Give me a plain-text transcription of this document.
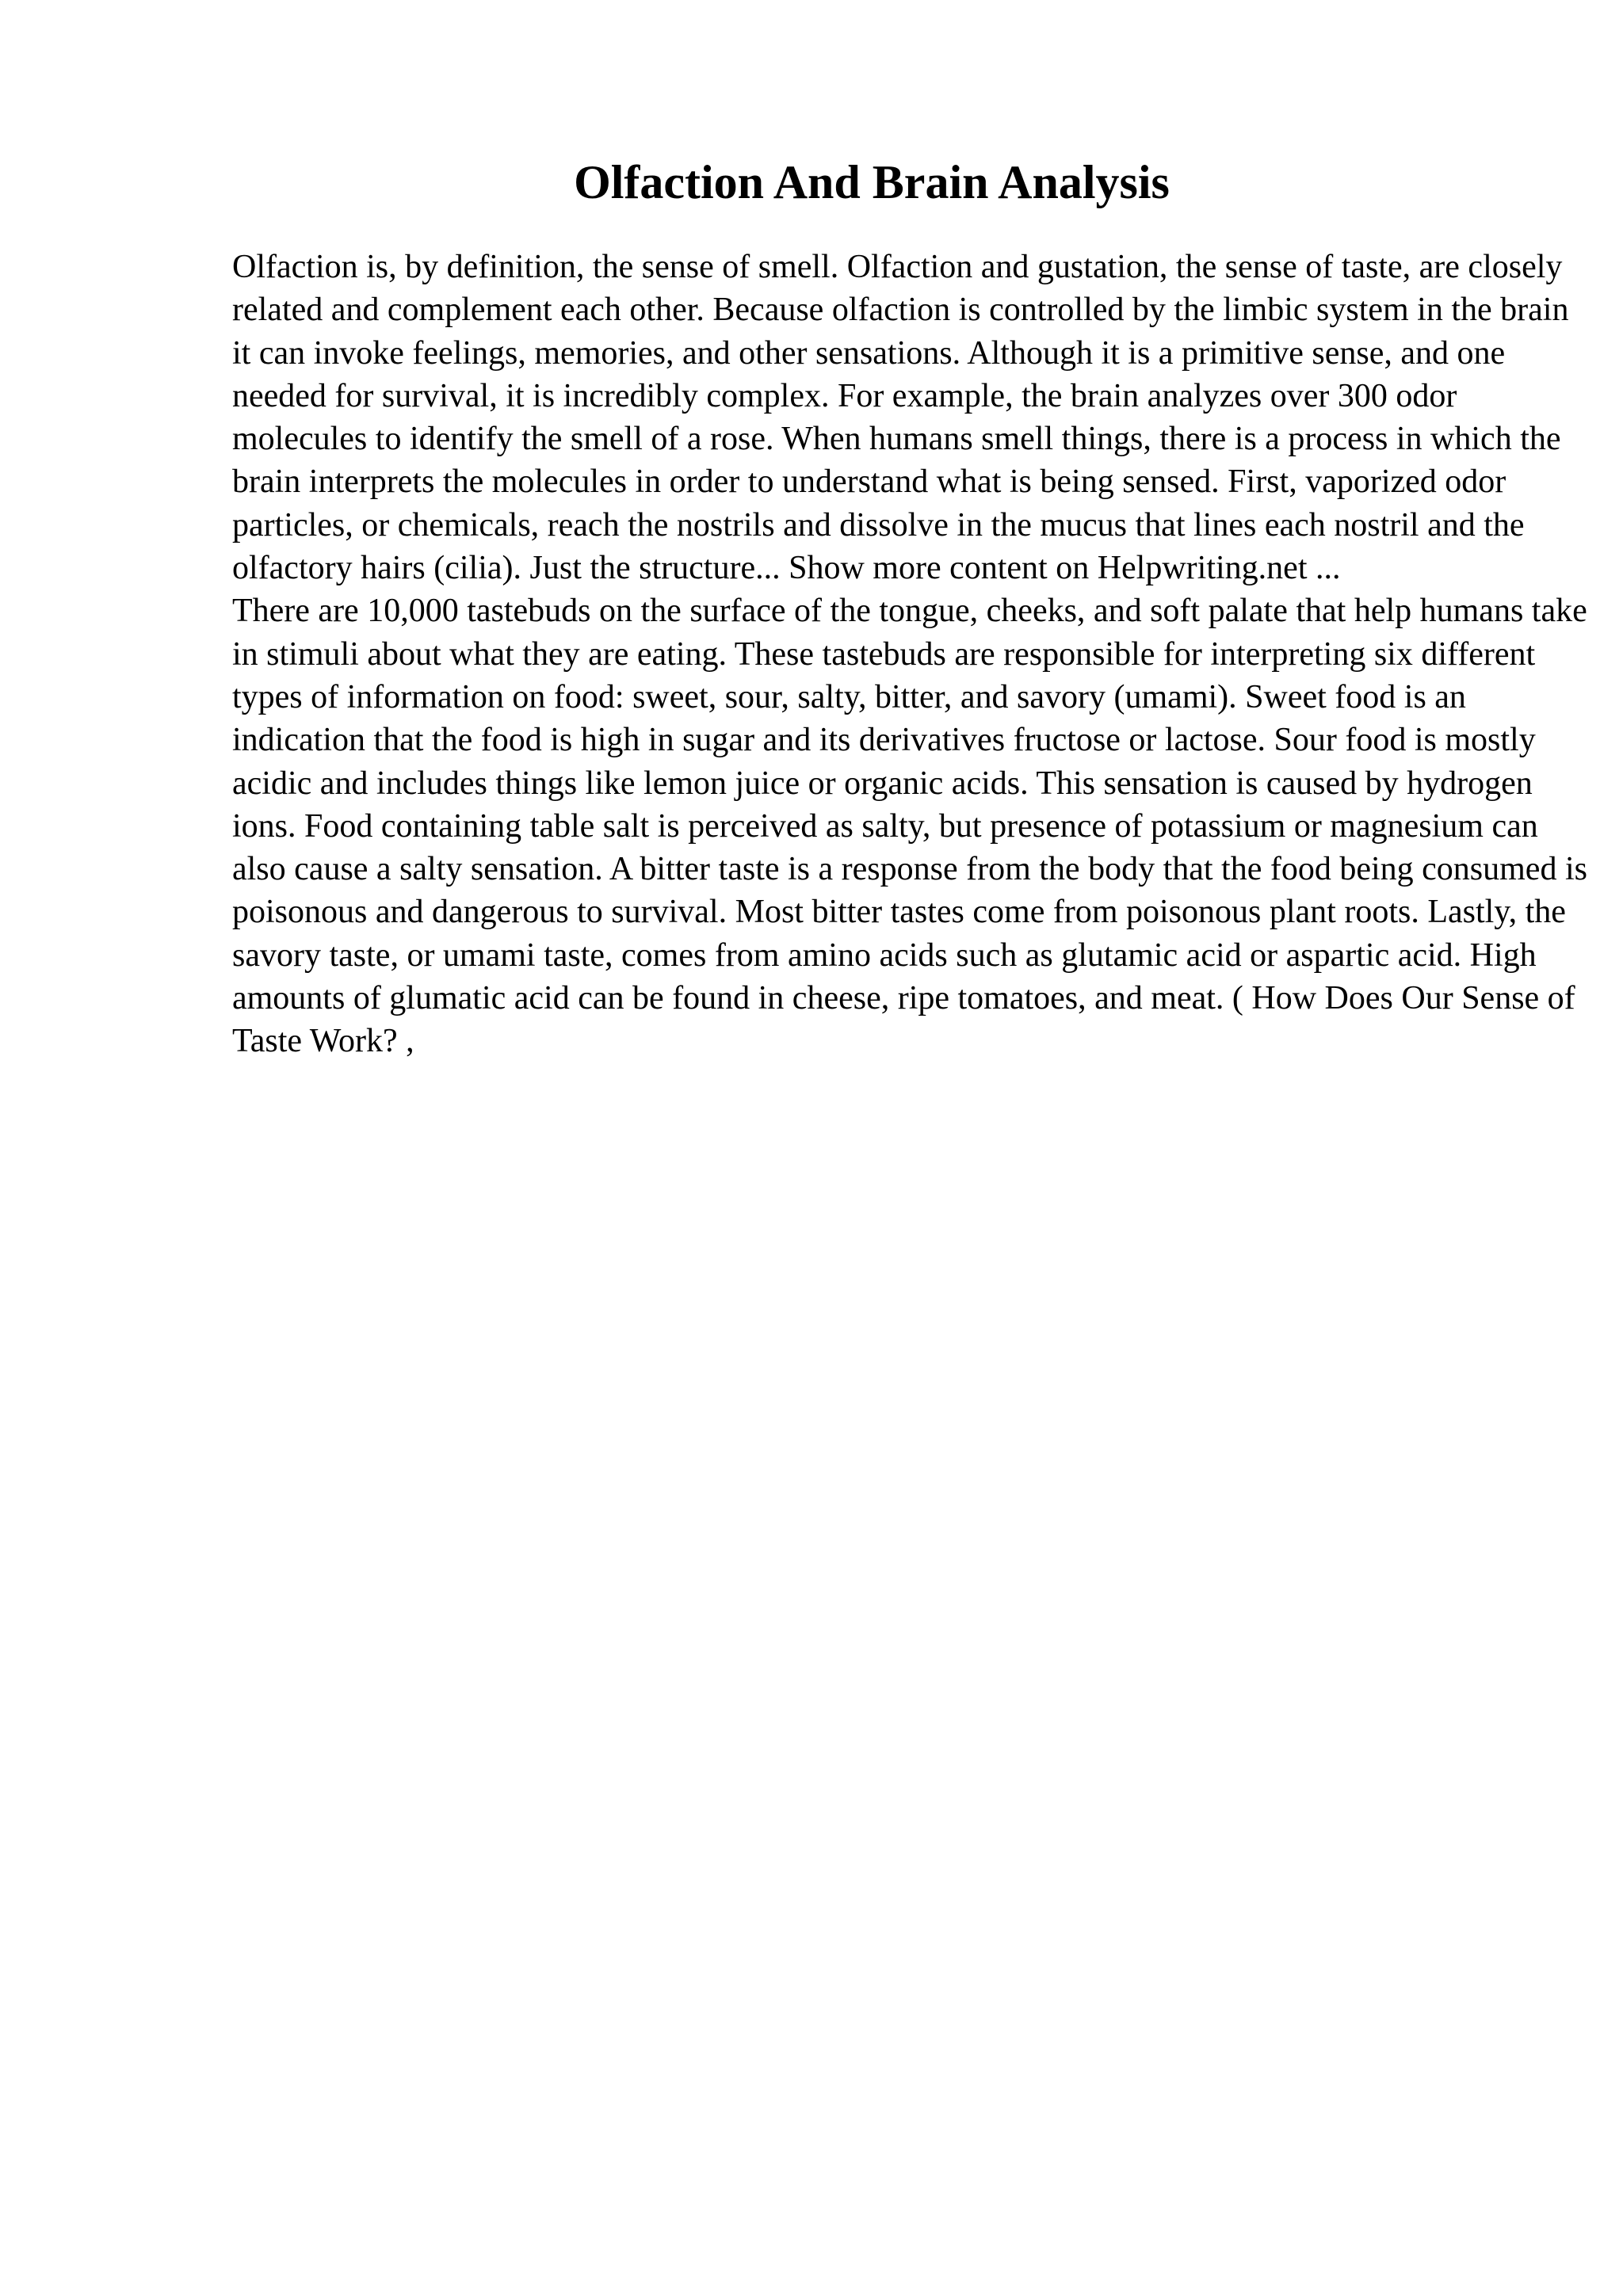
Olfaction And Brain Analysis

Olfaction is, by definition, the sense of smell. Olfaction and gustation, the sense of taste, are closely related and complement each other. Because olfaction is controlled by the limbic system in the brain it can invoke feelings, memories, and other sensations. Although it is a primitive sense, and one needed for survival, it is incredibly complex. For example, the brain analyzes over 300 odor molecules to identify the smell of a rose. When humans smell things, there is a process in which the brain interprets the molecules in order to understand what is being sensed. First, vaporized odor particles, or chemicals, reach the nostrils and dissolve in the mucus that lines each nostril and the olfactory hairs (cilia). Just the structure... Show more content on Helpwriting.net ...

There are 10,000 tastebuds on the surface of the tongue, cheeks, and soft palate that help humans take in stimuli about what they are eating. These tastebuds are responsible for interpreting six different types of information on food: sweet, sour, salty, bitter, and savory (umami). Sweet food is an indication that the food is high in sugar and its derivatives fructose or lactose. Sour food is mostly acidic and includes things like lemon juice or organic acids. This sensation is caused by hydrogen ions. Food containing table salt is perceived as salty, but presence of potassium or magnesium can also cause a salty sensation. A bitter taste is a response from the body that the food being consumed is poisonous and dangerous to survival. Most bitter tastes come from poisonous plant roots. Lastly, the savory taste, or umami taste, comes from amino acids such as glutamic acid or aspartic acid. High amounts of glumatic acid can be found in cheese, ripe tomatoes, and meat. ( How Does Our Sense of Taste Work? ,
